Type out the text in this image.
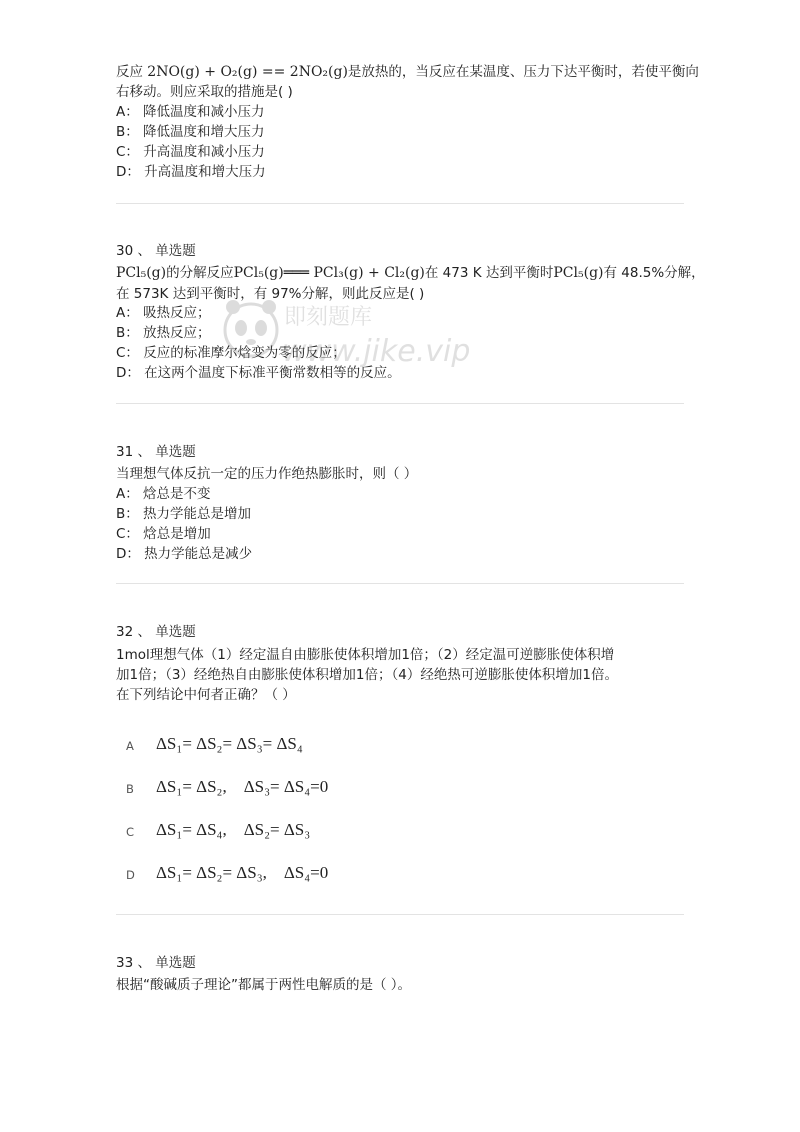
反应 2NO(g) + O₂(g) == 2NO₂(g)是放热的，当反应在某温度、压力下达平衡时，若使平衡向
右移动。则应采取的措施是( )
A： 降低温度和减小压力
B： 降低温度和增大压力
C： 升高温度和减小压力
D： 升高温度和增大压力
30 、 单选题
PCl₅(g)的分解反应PCl₅(g)═══ PCl₃(g) + Cl₂(g)在 473 K 达到平衡时PCl₅(g)有 48.5%分解，
在 573K 达到平衡时，有 97%分解，则此反应是( )
A： 吸热反应；
B： 放热反应；
C： 反应的标准摩尔焓变为零的反应；
D： 在这两个温度下标准平衡常数相等的反应。
即刻题库
www.jike.vip
31 、 单选题
当理想气体反抗一定的压力作绝热膨胀时，则（ ）
A： 焓总是不变
B： 热力学能总是增加
C： 焓总是增加
D： 热力学能总是减少
32 、 单选题
1mol理想气体（1）经定温自由膨胀使体积增加1倍；（2）经定温可逆膨胀使体积增
加1倍；（3）经绝热自由膨胀使体积增加1倍；（4）经绝热可逆膨胀使体积增加1倍。
在下列结论中何者正确？（ ）
A ΔS₁= ΔS₂= ΔS₃= ΔS₄
B ΔS₁= ΔS₂,    ΔS₃= ΔS₄=0
C ΔS₁= ΔS₄,    ΔS₂= ΔS₃
D ΔS₁= ΔS₂= ΔS₃,    ΔS₄=0
33 、 单选题
根据“酸碱质子理论”都属于两性电解质的是（ ）。
